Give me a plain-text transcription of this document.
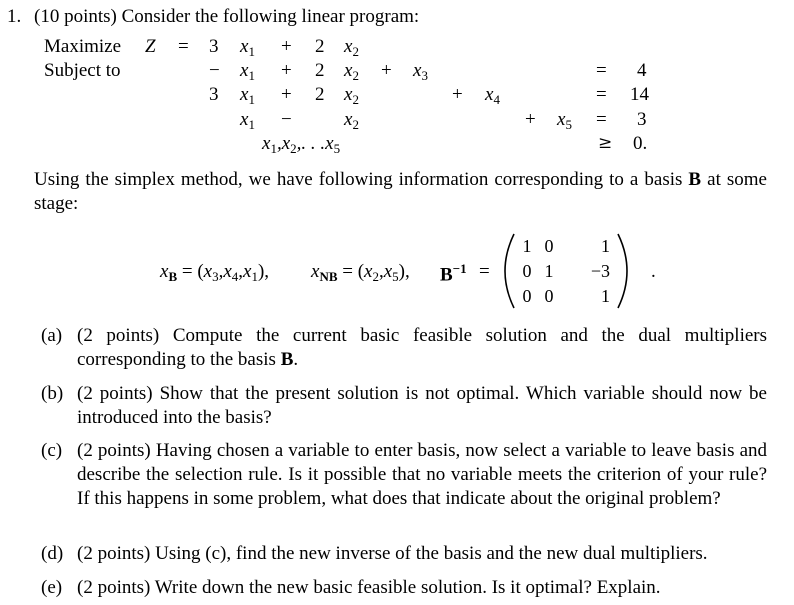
1. (10 points) Consider the following linear program:
Maximize
Subject to
Z = 3 $x_1 + 2$ $x_2$
− $x_1 + 2$ $x_2 + x_3$	= 4
3 $x_1 + 2$ $x_2$	+ $x_4$	= 14
$x_1$ −	$x_2$	+ $x_5 = 3$
$x_1,x_2$,. . $.x_5$	≥ 0.
Using the simplex method, we have following information corresponding to a basis B at some stage:
$x_B = (x_3,x_4,x_1)$, $x_{NB} = (x_2,x_5)$, $B^{-1}$ =
1 0	1
0 1	−3
0 0	1
.
(a) (2 points) Compute the current basic feasible solution and the dual multipliers corresponding to the basis B.
(b) (2 points) Show that the present solution is not optimal. Which variable should now be introduced into the basis?
(c) (2 points) Having chosen a variable to enter basis, now select a variable to leave basis and describe the selection rule. Is it possible that no variable meets the criterion of your rule? If this happens in some problem, what does that indicate about the original problem?
(d) (2 points) Using (c), find the new inverse of the basis and the new dual multipliers.
(e) (2 points) Write down the new basic feasible solution. Is it optimal? Explain.
